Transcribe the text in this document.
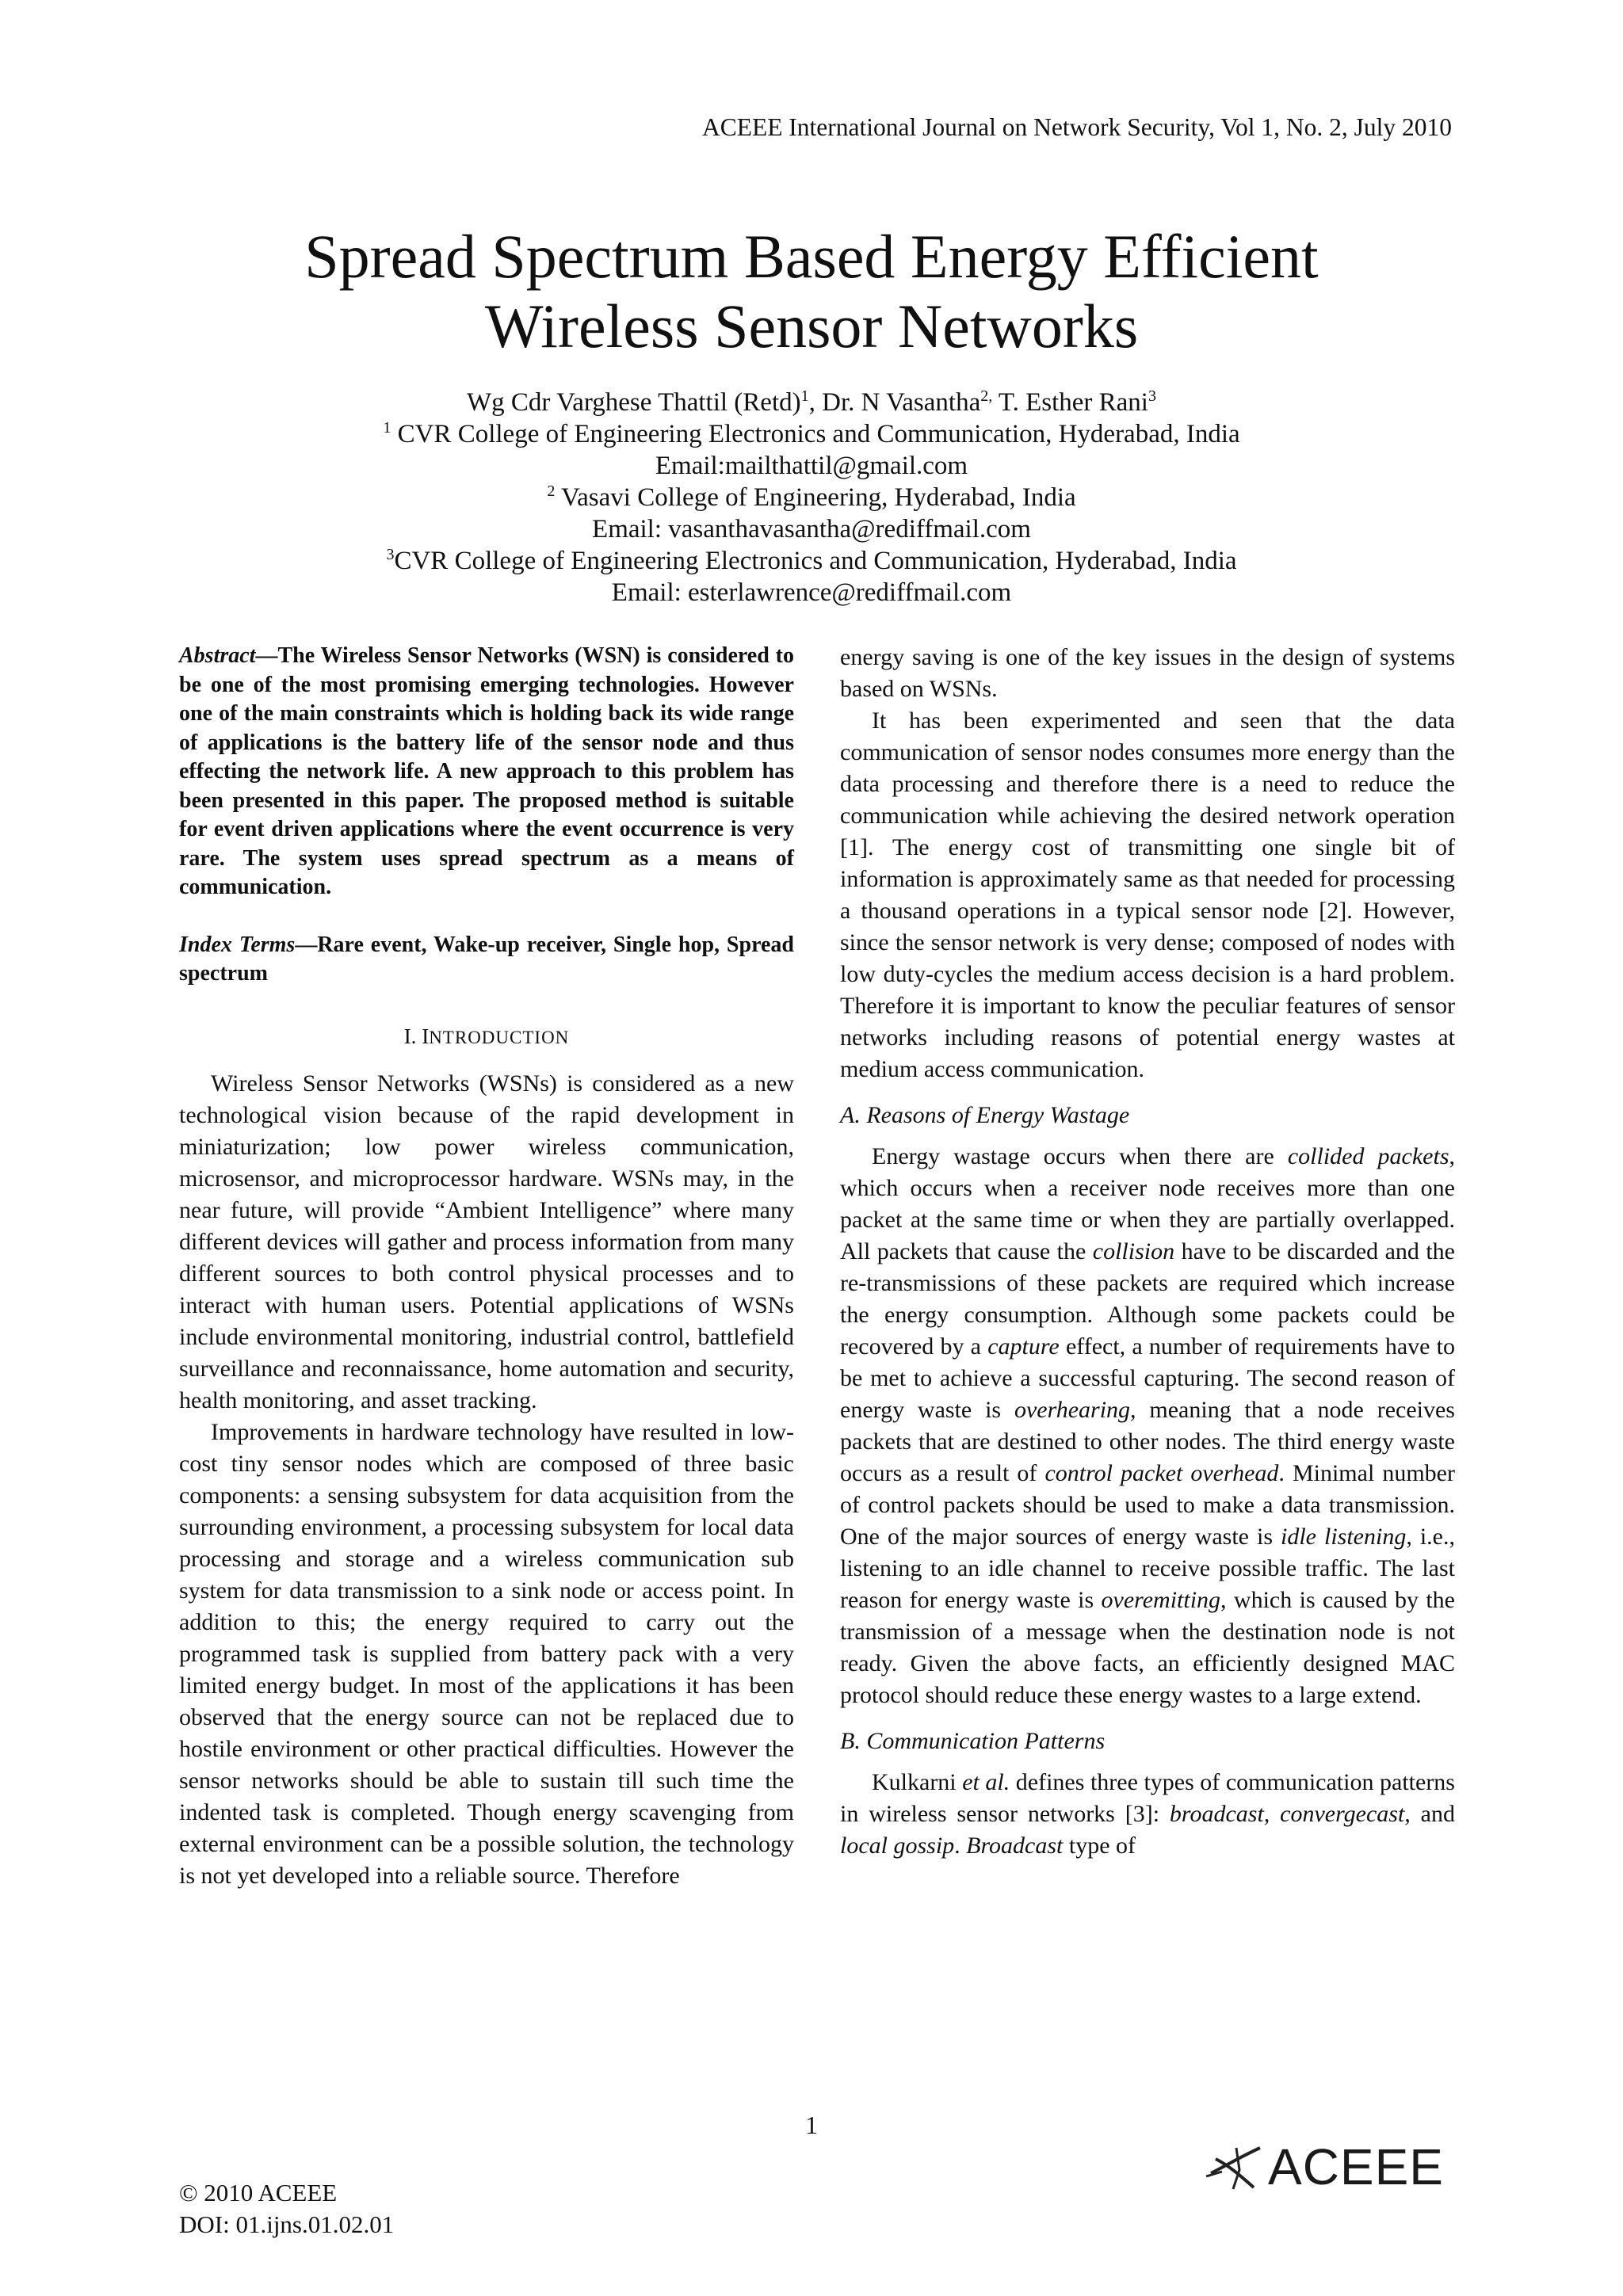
ACEEE International Journal on Network Security, Vol 1, No. 2, July 2010
Spread Spectrum Based Energy Efficient
Wireless Sensor Networks
Wg Cdr Varghese Thattil (Retd)$^1$, Dr. N Vasantha$^{2,}$ T. Esther Rani$^3$
$^1$ CVR College of Engineering Electronics and Communication, Hyderabad, India
Email:mailthattil@gmail.com
$^2$ Vasavi College of Engineering, Hyderabad, India
Email: vasanthavasantha@rediffmail.com
$^3$CVR College of Engineering Electronics and Communication, Hyderabad, India
Email: esterlawrence@rediffmail.com

Abstract—The Wireless Sensor Networks (WSN) is considered to be one of the most promising emerging technologies. However one of the main constraints which is holding back its wide range of applications is the battery life of the sensor node and thus effecting the network life. A new approach to this problem has been presented in this paper. The proposed method is suitable for event driven applications where the event occurrence is very rare. The system uses spread spectrum as a means of communication.

Index Terms—Rare event, Wake-up receiver, Single hop, Spread spectrum

I. INTRODUCTION

Wireless Sensor Networks (WSNs) is considered as a new technological vision because of the rapid development in miniaturization; low power wireless communication, microsensor, and microprocessor hardware. WSNs may, in the near future, will provide “Ambient Intelligence” where many different devices will gather and process information from many different sources to both control physical processes and to interact with human users. Potential applications of WSNs include environmental monitoring, industrial control, battlefield surveillance and reconnaissance, home automation and security, health monitoring, and asset tracking.

Improvements in hardware technology have resulted in low-cost tiny sensor nodes which are composed of three basic components: a sensing subsystem for data acquisition from the surrounding environment, a processing subsystem for local data processing and storage and a wireless communication sub system for data transmission to a sink node or access point. In addition to this; the energy required to carry out the programmed task is supplied from battery pack with a very limited energy budget. In most of the applications it has been observed that the energy source can not be replaced due to hostile environment or other practical difficulties. However the sensor networks should be able to sustain till such time the indented task is completed. Though energy scavenging from external environment can be a possible solution, the technology is not yet developed into a reliable source. Therefore

energy saving is one of the key issues in the design of systems based on WSNs.

It has been experimented and seen that the data communication of sensor nodes consumes more energy than the data processing and therefore there is a need to reduce the communication while achieving the desired network operation [1]. The energy cost of transmitting one single bit of information is approximately same as that needed for processing a thousand operations in a typical sensor node [2]. However, since the sensor network is very dense; composed of nodes with low duty-cycles the medium access decision is a hard problem. Therefore it is important to know the peculiar features of sensor networks including reasons of potential energy wastes at medium access communication.

A. Reasons of Energy Wastage

Energy wastage occurs when there are collided packets, which occurs when a receiver node receives more than one packet at the same time or when they are partially overlapped. All packets that cause the collision have to be discarded and the re-transmissions of these packets are required which increase the energy consumption. Although some packets could be recovered by a capture effect, a number of requirements have to be met to achieve a successful capturing. The second reason of energy waste is overhearing, meaning that a node receives packets that are destined to other nodes. The third energy waste occurs as a result of control packet overhead. Minimal number of control packets should be used to make a data transmission. One of the major sources of energy waste is idle listening, i.e., listening to an idle channel to receive possible traffic. The last reason for energy waste is overemitting, which is caused by the transmission of a message when the destination node is not ready. Given the above facts, an efficiently designed MAC protocol should reduce these energy wastes to a large extend.

B. Communication Patterns

Kulkarni et al. defines three types of communication patterns in wireless sensor networks [3]: broadcast, convergecast, and local gossip. Broadcast type of

1
© 2010 ACEEE
DOI: 01.ijns.01.02.01
ACEEE
